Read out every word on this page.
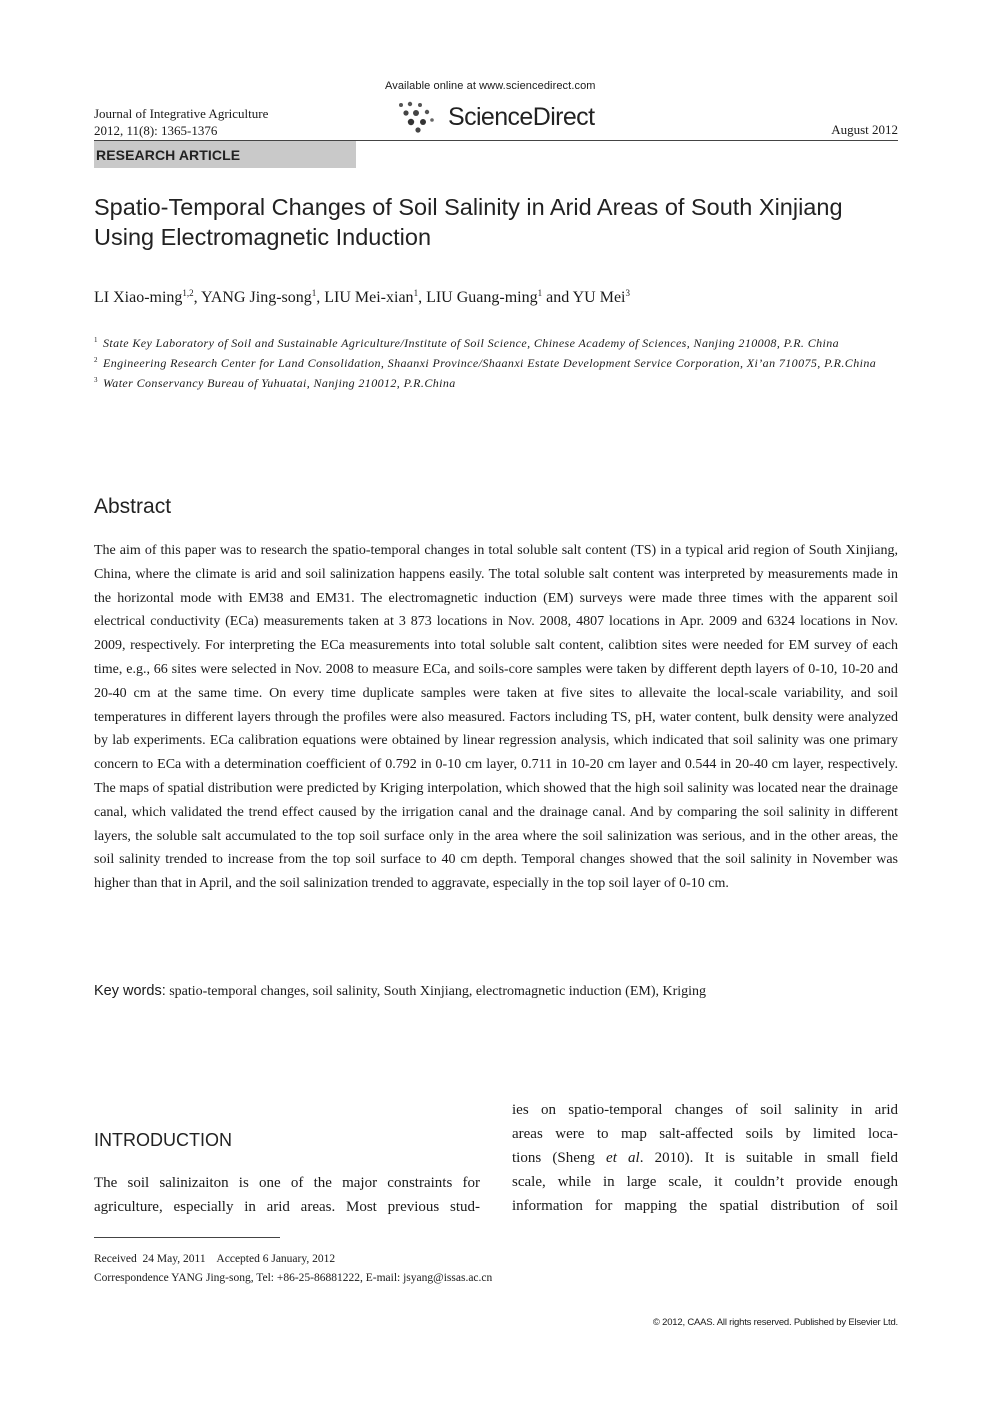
Journal of Integrative Agriculture
2012, 11(8): 1365-1376
Available online at www.sciencedirect.com
ScienceDirect	August 2012
RESEARCH ARTICLE
Spatio-Temporal Changes of Soil Salinity in Arid Areas of South Xinjiang Using Electromagnetic Induction
LI Xiao-ming$^{1,2}$, YANG Jing-song$^1$, LIU Mei-xian$^1$, LIU Guang-ming$^1$ and YU Mei$^3$
1 State Key Laboratory of Soil and Sustainable Agriculture/Institute of Soil Science, Chinese Academy of Sciences, Nanjing 210008, P.R. China
2 Engineering Research Center for Land Consolidation, Shaanxi Province/Shaanxi Estate Development Service Corporation, Xi’an 710075, P.R.China
3 Water Conservancy Bureau of Yuhuatai, Nanjing 210012, P.R.China
Abstract
The aim of this paper was to research the spatio-temporal changes in total soluble salt content (TS) in a typical arid region of South Xinjiang, China, where the climate is arid and soil salinization happens easily. The total soluble salt content was interpreted by measurements made in the horizontal mode with EM38 and EM31. The electromagnetic induction (EM) surveys were made three times with the apparent soil electrical conductivity (ECa) measurements taken at 3 873 locations in Nov. 2008, 4807 locations in Apr. 2009 and 6324 locations in Nov. 2009, respectively. For interpreting the ECa measurements into total soluble salt content, calibtion sites were needed for EM survey of each time, e.g., 66 sites were selected in Nov. 2008 to measure ECa, and soils-core samples were taken by different depth layers of 0-10, 10-20 and 20-40 cm at the same time. On every time duplicate samples were taken at five sites to allevaite the local-scale variability, and soil temperatures in different layers through the profiles were also measured. Factors including TS, pH, water content, bulk density were analyzed by lab experiments. ECa calibration equations were obtained by linear regression analysis, which indicated that soil salinity was one primary concern to ECa with a determination coefficient of 0.792 in 0-10 cm layer, 0.711 in 10-20 cm layer and 0.544 in 20-40 cm layer, respectively. The maps of spatial distribution were predicted by Kriging interpolation, which showed that the high soil salinity was located near the drainage canal, which validated the trend effect caused by the irrigation canal and the drainage canal. And by comparing the soil salinity in different layers, the soluble salt accumulated to the top soil surface only in the area where the soil salinization was serious, and in the other areas, the soil salinity trended to increase from the top soil surface to 40 cm depth. Temporal changes showed that the soil salinity in November was higher than that in April, and the soil salinization trended to aggravate, especially in the top soil layer of 0-10 cm.
Key words: spatio-temporal changes, soil salinity, South Xinjiang, electromagnetic induction (EM), Kriging
INTRODUCTION
The soil salinizaiton is one of the major constraints for agriculture, especially in arid areas. Most previous stud-
ies on spatio-temporal changes of soil salinity in arid
areas were to map salt-affected soils by limited loca-
tions (Sheng et al. 2010). It is suitable in small field
scale, while in large scale, it couldn’t provide enough
information for mapping the spatial distribution of soil
Received  24 May, 2011    Accepted 6 January, 2012
Correspondence YANG Jing-song, Tel: +86-25-86881222, E-mail: jsyang@issas.ac.cn
© 2012, CAAS. All rights reserved. Published by Elsevier Ltd.
